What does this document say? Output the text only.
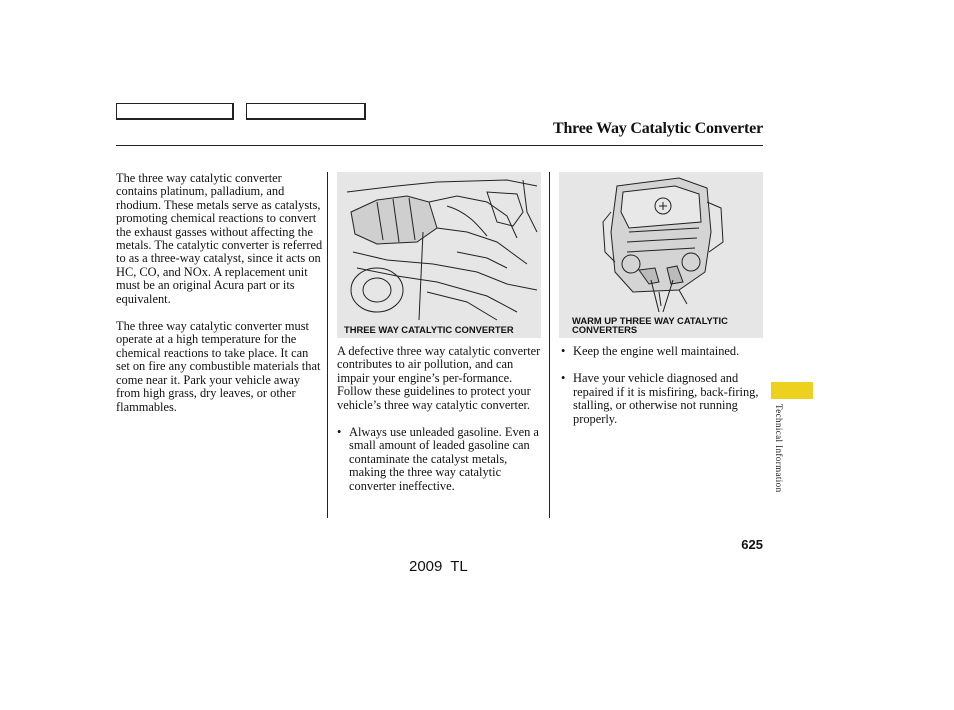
Three Way Catalytic Converter

The three way catalytic converter contains platinum, palladium, and rhodium. These metals serve as catalysts, promoting chemical reactions to convert the exhaust gasses without affecting the metals. The catalytic converter is referred to as a three-way catalyst, since it acts on HC, CO, and NOx. A replacement unit must be an original Acura part or its equivalent.

The three way catalytic converter must operate at a high temperature for the chemical reactions to take place. It can set on fire any combustible materials that come near it. Park your vehicle away from high grass, dry leaves, or other flammables.

THREE WAY CATALYTIC CONVERTER
WARM UP THREE WAY CATALYTIC CONVERTERS

A defective three way catalytic converter contributes to air pollution, and can impair your engine’s per-formance. Follow these guidelines to protect your vehicle’s three way catalytic converter.

• Always use unleaded gasoline. Even a small amount of leaded gasoline can contaminate the catalyst metals, making the three way catalytic converter ineffective.
• Keep the engine well maintained.
• Have your vehicle diagnosed and repaired if it is misfiring, back-firing, stalling, or otherwise not running properly.	Technical Information
625
2009 TL
